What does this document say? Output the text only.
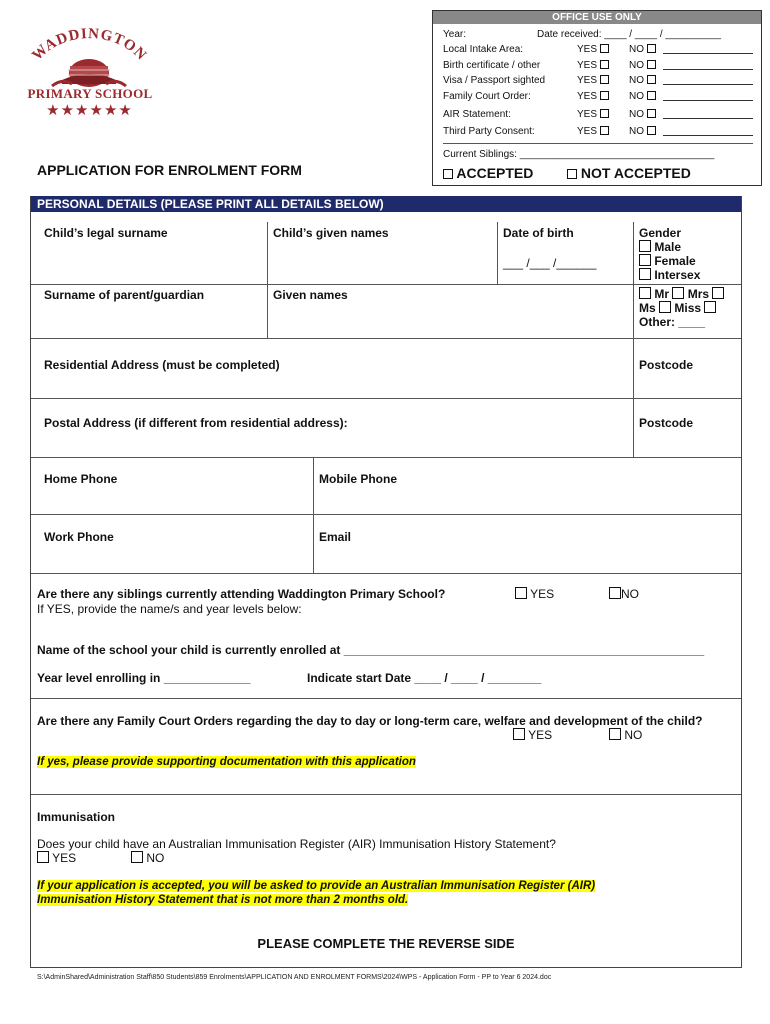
WADDINGTON
PRIMARY SCHOOL
★★★★★★
OFFICE USE ONLY
Year:	Date received: ____ / ____ / __________
Local Intake Area:	YES	NO
Birth certificate / other	YES	NO
Visa / Passport sighted	YES	NO
Family Court Order:	YES	NO
AIR Statement:	YES	NO
Third Party Consent:	YES	NO
Current Siblings: ___________________________________
ACCEPTED	NOT ACCEPTED
APPLICATION FOR ENROLMENT FORM
PERSONAL DETAILS (PLEASE PRINT ALL DETAILS BELOW)
Child’s legal surname	Child’s given names	Date of birth
___ /___ /______
Gender
Male
Female
Intersex
Surname of parent/guardian	Given names	Mr Mrs
Ms Miss
Other: ____
Residential Address (must be completed)	Postcode
Postal Address (if different from residential address):	Postcode
Home Phone	Mobile Phone
Work Phone	Email
Are there any siblings currently attending Waddington Primary School?	YES	NO
If YES, provide the name/s and year levels below:
Name of the school your child is currently enrolled at ______________________________________________________
Year level enrolling in _____________	Indicate start Date ____ / ____ / ________
Are there any Family Court Orders regarding the day to day or long-term care, welfare and development of the child?
YES	NO
If yes, please provide supporting documentation with this application
Immunisation
Does your child have an Australian Immunisation Register (AIR) Immunisation History Statement?
YES	NO
If your application is accepted, you will be asked to provide an Australian Immunisation Register (AIR)
Immunisation History Statement that is not more than 2 months old.
PLEASE COMPLETE THE REVERSE SIDE
S:\AdminShared\Administration Staff\850 Students\859 Enrolments\APPLICATION AND ENROLMENT FORMS\2024\WPS - Application Form - PP to Year 6 2024.doc
